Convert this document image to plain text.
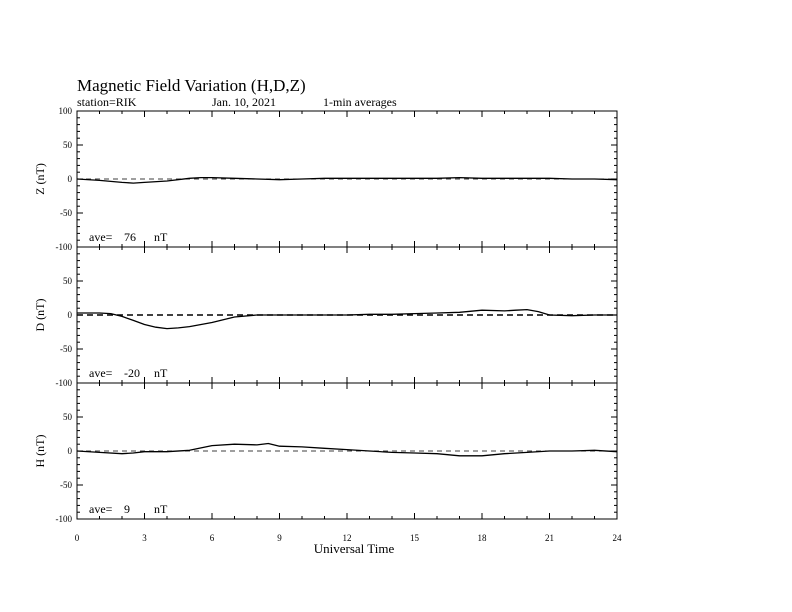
Magnetic Field Variation (H,D,Z)
station=RIK	Jan. 10, 2021	1-min averages
Universal Time
100
50
0
-50
-100
Z (nT)
ave= 76 nT
50
0
-50
-100
D (nT)
ave= -20 nT
50
0
-50
-100
H (nT)
ave= 9 nT
0	3	6	9	12	15	18	21	24
